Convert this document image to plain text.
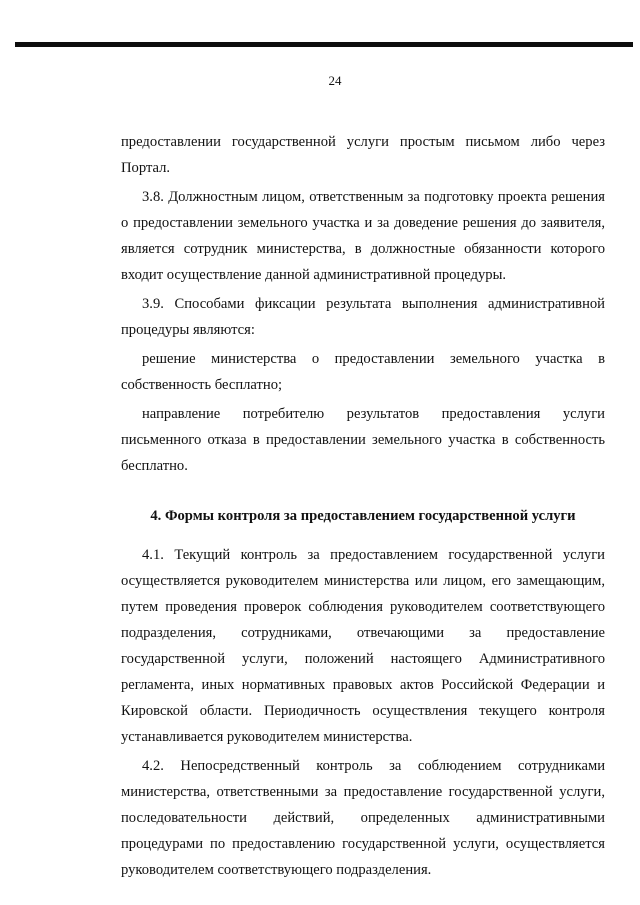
24

предоставлении государственной услуги простым письмом либо через Портал.

3.8. Должностным лицом, ответственным за подготовку проекта решения о предоставлении земельного участка и за доведение решения до заявителя, является сотрудник министерства, в должностные обязанности которого входит осуществление данной административной процедуры.

3.9. Способами фиксации результата выполнения административной процедуры являются:

решение министерства о предоставлении земельного участка в собственность бесплатно;

направление потребителю результатов предоставления услуги письменного отказа в предоставлении земельного участка в собственность бесплатно.

4. Формы контроля за предоставлением государственной услуги

4.1. Текущий контроль за предоставлением государственной услуги осуществляется руководителем министерства или лицом, его замещающим, путем проведения проверок соблюдения руководителем соответствующего подразделения, сотрудниками, отвечающими за предоставление государственной услуги, положений настоящего Административного регламента, иных нормативных правовых актов Российской Федерации и Кировской области. Периодичность осуществления текущего контроля устанавливается руководителем министерства.

4.2. Непосредственный контроль за соблюдением сотрудниками министерства, ответственными за предоставление государственной услуги, последовательности действий, определенных административными процедурами по предоставлению государственной услуги, осуществляется руководителем соответствующего подразделения.
